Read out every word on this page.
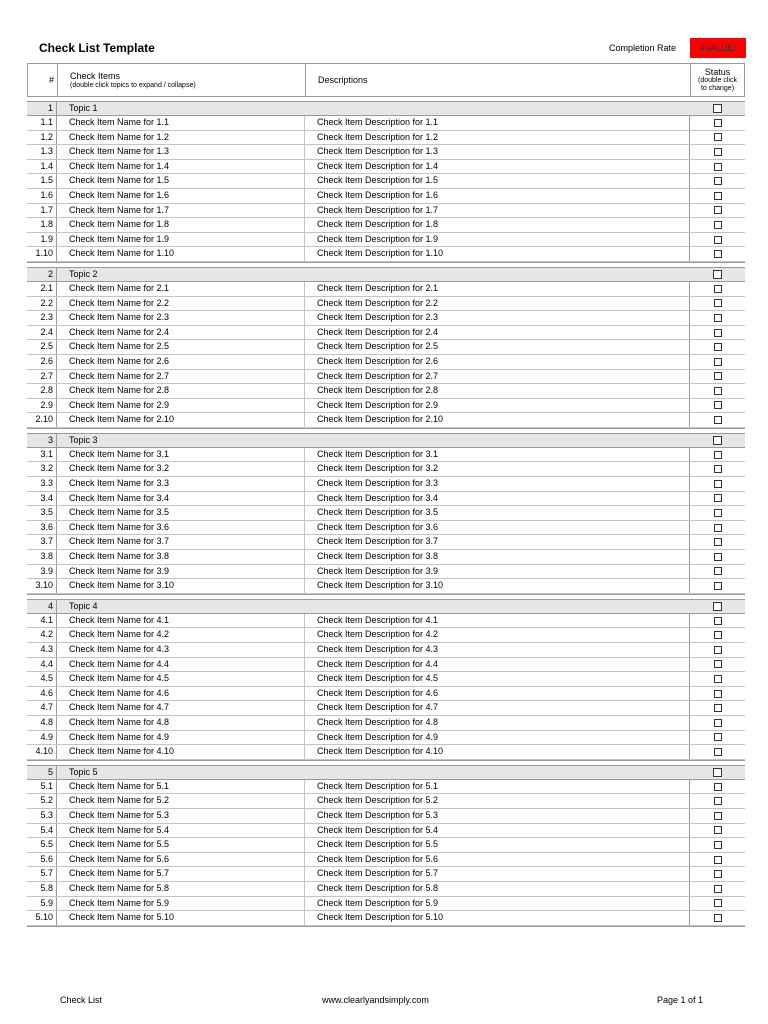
Check List Template	Completion Rate	#VALUE!
#	Check Items
(double click topics to expand / collapse)
Descriptions
Status
(double click to change)
1	Topic 1
1.1	Check Item Name for 1.1	Check Item Description for 1.1
1.2	Check Item Name for 1.2	Check Item Description for 1.2
1.3	Check Item Name for 1.3	Check Item Description for 1.3
1.4	Check Item Name for 1.4	Check Item Description for 1.4
1.5	Check Item Name for 1.5	Check Item Description for 1.5
1.6	Check Item Name for 1.6	Check Item Description for 1.6
1.7	Check Item Name for 1.7	Check Item Description for 1.7
1.8	Check Item Name for 1.8	Check Item Description for 1.8
1.9	Check Item Name for 1.9	Check Item Description for 1.9
1.10	Check Item Name for 1.10	Check Item Description for 1.10
2	Topic 2
2.1	Check Item Name for 2.1	Check Item Description for 2.1
2.2	Check Item Name for 2.2	Check Item Description for 2.2
2.3	Check Item Name for 2.3	Check Item Description for 2.3
2.4	Check Item Name for 2.4	Check Item Description for 2.4
2.5	Check Item Name for 2.5	Check Item Description for 2.5
2.6	Check Item Name for 2.6	Check Item Description for 2.6
2.7	Check Item Name for 2.7	Check Item Description for 2.7
2.8	Check Item Name for 2.8	Check Item Description for 2.8
2.9	Check Item Name for 2.9	Check Item Description for 2.9
2.10	Check Item Name for 2.10	Check Item Description for 2.10
3	Topic 3
3.1	Check Item Name for 3.1	Check Item Description for 3.1
3.2	Check Item Name for 3.2	Check Item Description for 3.2
3.3	Check Item Name for 3.3	Check Item Description for 3.3
3.4	Check Item Name for 3.4	Check Item Description for 3.4
3.5	Check Item Name for 3.5	Check Item Description for 3.5
3.6	Check Item Name for 3.6	Check Item Description for 3.6
3.7	Check Item Name for 3.7	Check Item Description for 3.7
3.8	Check Item Name for 3.8	Check Item Description for 3.8
3.9	Check Item Name for 3.9	Check Item Description for 3.9
3.10	Check Item Name for 3.10	Check Item Description for 3.10
4	Topic 4
4.1	Check Item Name for 4.1	Check Item Description for 4.1
4.2	Check Item Name for 4.2	Check Item Description for 4.2
4.3	Check Item Name for 4.3	Check Item Description for 4.3
4.4	Check Item Name for 4.4	Check Item Description for 4.4
4.5	Check Item Name for 4.5	Check Item Description for 4.5
4.6	Check Item Name for 4.6	Check Item Description for 4.6
4.7	Check Item Name for 4.7	Check Item Description for 4.7
4.8	Check Item Name for 4.8	Check Item Description for 4.8
4.9	Check Item Name for 4.9	Check Item Description for 4.9
4.10	Check Item Name for 4.10	Check Item Description for 4.10
5	Topic 5
5.1	Check Item Name for 5.1	Check Item Description for 5.1
5.2	Check Item Name for 5.2	Check Item Description for 5.2
5.3	Check Item Name for 5.3	Check Item Description for 5.3
5.4	Check Item Name for 5.4	Check Item Description for 5.4
5.5	Check Item Name for 5.5	Check Item Description for 5.5
5.6	Check Item Name for 5.6	Check Item Description for 5.6
5.7	Check Item Name for 5.7	Check Item Description for 5.7
5.8	Check Item Name for 5.8	Check Item Description for 5.8
5.9	Check Item Name for 5.9	Check Item Description for 5.9
5.10	Check Item Name for 5.10	Check Item Description for 5.10
Check List	www.clearlyandsimply.com	Page 1 of 1
